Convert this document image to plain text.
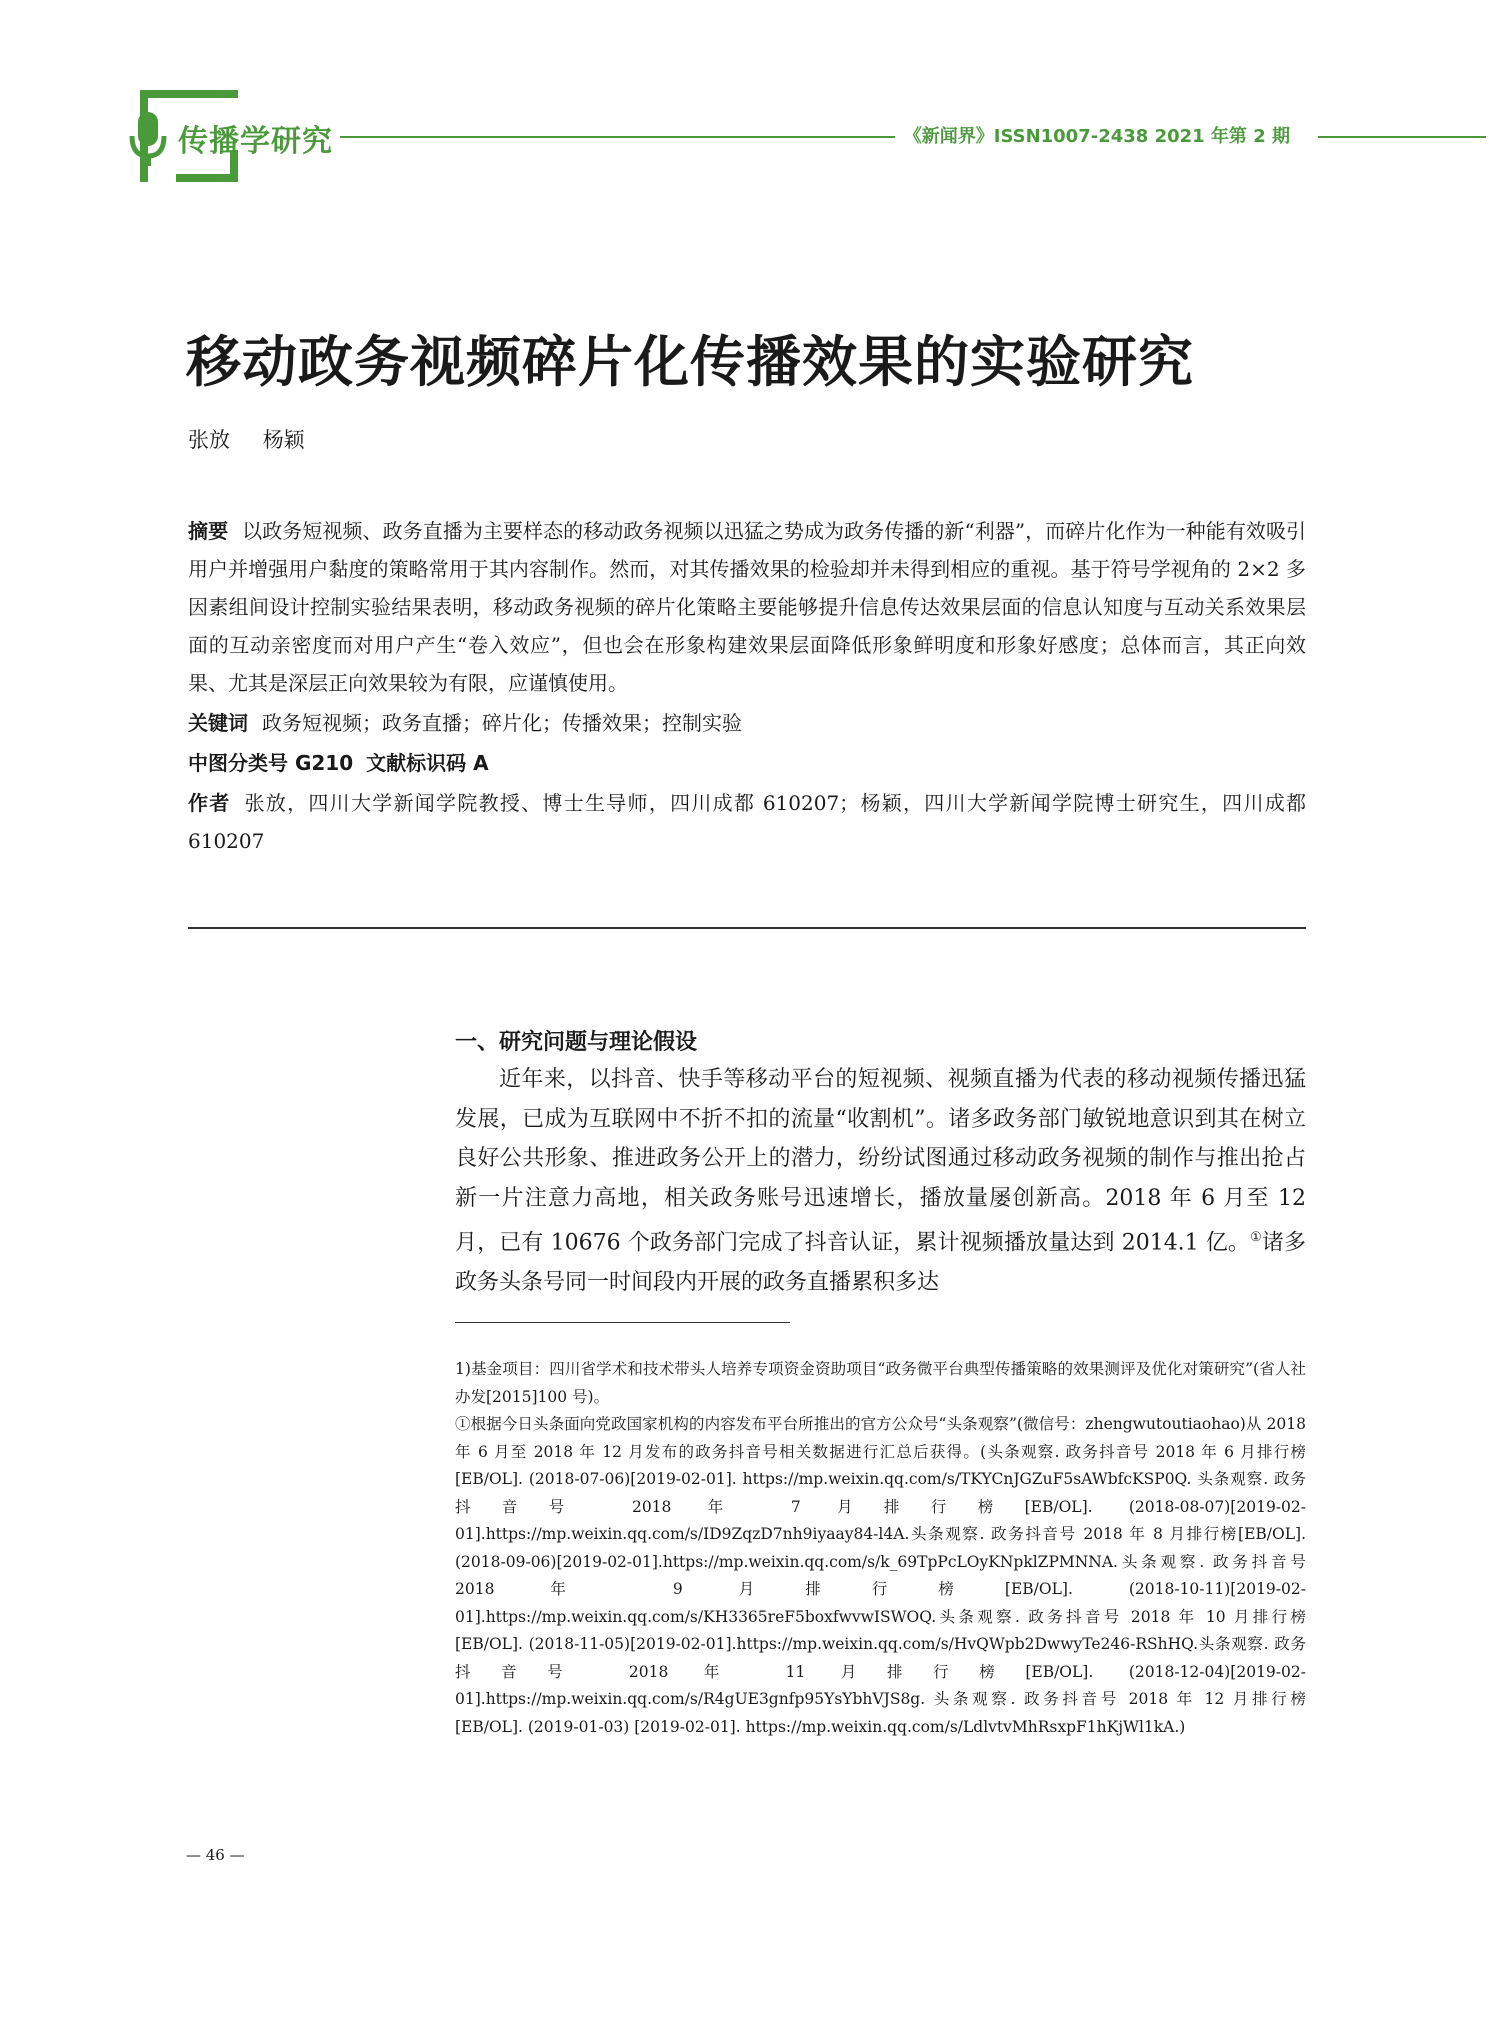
传播学研究	《新闻界》ISSN1007-2438 2021 年第 2 期
移动政务视频碎片化传播效果的实验研究
张放 杨颖
摘要 以政务短视频、政务直播为主要样态的移动政务视频以迅猛之势成为政务传播的新“利器”，而碎片化作为一种能有效吸引用户并增强用户黏度的策略常用于其内容制作。然而，对其传播效果的检验却并未得到相应的重视。基于符号学视角的 2×2 多因素组间设计控制实验结果表明，移动政务视频的碎片化策略主要能够提升信息传达效果层面的信息认知度与互动关系效果层面的互动亲密度而对用户产生“卷入效应”，但也会在形象构建效果层面降低形象鲜明度和形象好感度；总体而言，其正向效果、尤其是深层正向效果较为有限，应谨慎使用。
关键词 政务短视频；政务直播；碎片化；传播效果；控制实验
中图分类号 G210 文献标识码 A
作者 张放，四川大学新闻学院教授、博士生导师，四川成都 610207；杨颖，四川大学新闻学院博士研究生，四川成都 610207
一、研究问题与理论假设
近年来，以抖音、快手等移动平台的短视频、视频直播为代表的移动视频传播迅猛发展，已成为互联网中不折不扣的流量“收割机”。诸多政务部门敏锐地意识到其在树立良好公共形象、推进政务公开上的潜力，纷纷试图通过移动政务视频的制作与推出抢占新一片注意力高地，相关政务账号迅速增长，播放量屡创新高。2018 年 6 月至 12 月，已有 10676 个政务部门完成了抖音认证，累计视频播放量达到 2014.1 亿。①诸多政务头条号同一时间段内开展的政务直播累积多达

1)基金项目：四川省学术和技术带头人培养专项资金资助项目“政务微平台典型传播策略的效果测评及优化对策研究”(省人社办发[2015]100 号)。

①根据今日头条面向党政国家机构的内容发布平台所推出的官方公众号“头条观察”(微信号：zhengwutoutiaohao)从 2018 年 6 月至 2018 年 12 月发布的政务抖音号相关数据进行汇总后获得。(头条观察. 政务抖音号 2018 年 6 月排行榜[EB/OL]. (2018-07-06)[2019-02-01]. https://mp.weixin.qq.com/s/TKYCnJGZuF5sAWbfcKSP0Q. 头条观察. 政务抖音号 2018 年 7 月排行榜[EB/OL]. (2018-08-07)[2019-02-01].https://mp.weixin.qq.com/s/ID9ZqzD7nh9iyaay84-l4A.头条观察. 政务抖音号 2018 年 8 月排行榜[EB/OL]. (2018-09-06)[2019-02-01].https://mp.weixin.qq.com/s/k_69TpPcLOyKNpklZPMNNA.头条观察. 政务抖音号 2018 年 9 月排行榜[EB/OL]. (2018-10-11)[2019-02-01].https://mp.weixin.qq.com/s/KH3365reF5boxfwvwISWOQ.头条观察. 政务抖音号 2018 年 10 月排行榜[EB/OL]. (2018-11-05)[2019-02-01].https://mp.weixin.qq.com/s/HvQWpb2DwwyTe246-RShHQ.头条观察. 政务抖音号 2018 年 11 月排行榜[EB/OL]. (2018-12-04)[2019-02-01].https://mp.weixin.qq.com/s/R4gUE3gnfp95YsYbhVJS8g. 头条观察. 政务抖音号 2018 年 12 月排行榜 [EB/OL]. (2019-01-03) [2019-02-01]. https://mp.weixin.qq.com/s/LdlvtvMhRsxpF1hKjWl1kA.)

— 46 —
